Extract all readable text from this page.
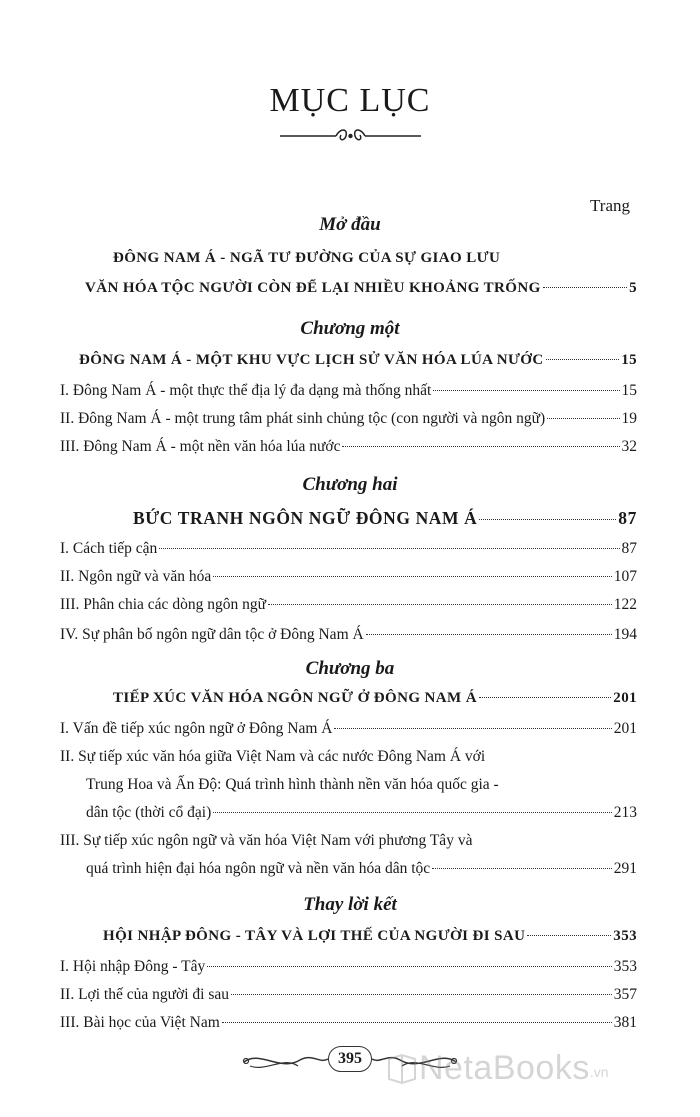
MỤC LỤC
Trang
Mở đầu
ĐÔNG NAM Á - NGÃ TƯ ĐƯỜNG CỦA SỰ GIAO LƯU
VĂN HÓA TỘC NGƯỜI CÒN ĐỂ LẠI NHIỀU KHOẢNG TRỐNG	5
Chương một
ĐÔNG NAM Á - MỘT KHU VỰC LỊCH SỬ VĂN HÓA LÚA NƯỚC	15
I. Đông Nam Á - một thực thể địa lý đa dạng mà thống nhất	15
II. Đông Nam Á - một trung tâm phát sinh chủng tộc (con người và ngôn ngữ)	19
III. Đông Nam Á - một nền văn hóa lúa nước	32
Chương hai
BỨC TRANH NGÔN NGỮ ĐÔNG NAM Á	87
I. Cách tiếp cận	87
II. Ngôn ngữ và văn hóa	107
III. Phân chia các dòng ngôn ngữ	122
IV. Sự phân bố ngôn ngữ dân tộc ở Đông Nam Á	194
Chương ba
TIẾP XÚC VĂN HÓA NGÔN NGỮ Ở ĐÔNG NAM Á	201
I. Vấn đề tiếp xúc ngôn ngữ ở Đông Nam Á	201
II. Sự tiếp xúc văn hóa giữa Việt Nam và các nước Đông Nam Á với
Trung Hoa và Ấn Độ: Quá trình hình thành nền văn hóa quốc gia -
dân tộc (thời cổ đại)	213
III. Sự tiếp xúc ngôn ngữ và văn hóa Việt Nam với phương Tây và
quá trình hiện đại hóa ngôn ngữ và nền văn hóa dân tộc	291
Thay lời kết
HỘI NHẬP ĐÔNG - TÂY VÀ LỢI THẾ CỦA NGƯỜI ĐI SAU	353
I. Hội nhập Đông - Tây	353
II. Lợi thế của người đi sau	357
III. Bài học của Việt Nam	381
395 NetaBooks .vn
